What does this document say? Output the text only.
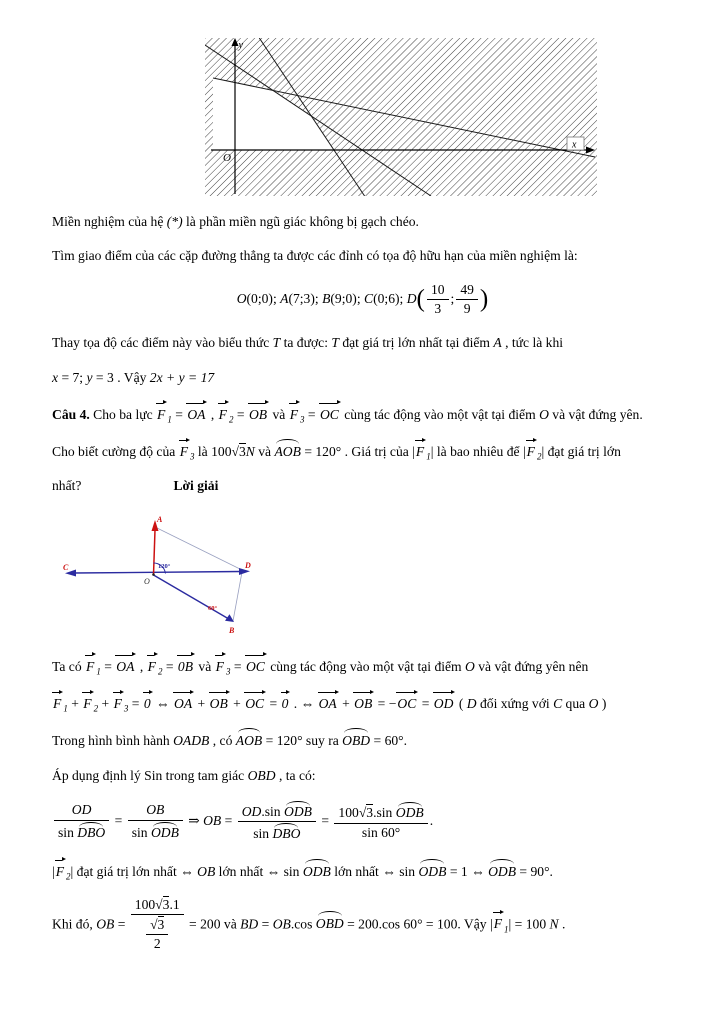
y
O
x

Miền nghiệm của hệ (*) là phần miền ngũ giác không bị gạch chéo.

Tìm giao điểm của các cặp đường thẳng ta được các đỉnh có tọa độ hữu hạn của miền nghiệm là:

O(0;0); A(7;3); B(9;0); C(0;6); $D( \frac{10}{3}$ ; $\frac{49}{9}$ )

Thay tọa độ các điểm này vào biểu thức T ta được: T đạt giá trị lớn nhất tại điểm A , tức là khi

x = 7; y = 3 . Vậy 2x + y = 17

Câu 4. Cho ba lực F $_1$ = OA , F $_2$ = OB và F $_3$ = OC cùng tác động vào một vật tại điểm O và vật đứng yên.

Cho biết cường độ của F $_3$ là 100√3N và AOB = 120° . Giá trị của |F $_1$| là bao nhiêu để |F $_2$| đạt giá trị lớn

nhất?	Lời giải

A
C	D
B
O
120°
60°

Ta có F $_1$ = OA , F $_2$ = 0B và F $_3$ = OC cùng tác động vào một vật tại điểm O và vật đứng yên nên

F $_1$ + F $_2$ + F $_3$ = 0 ⇔ OA + OB + OC = 0 . ⇔ OA + OB = −OC = OD ( D đối xứng với C qua O )

Trong hình bình hành OADB , có AOB = 120° suy ra OBD = 60°.

Áp dụng định lý Sin trong tam giác OBD , ta có:

$\frac{OD}{\text{sin DBO}} = \frac{OB}{\text{sin ODB}}$ ⇒ OB = $\frac{\text{OD.sin ODB}}{\text{sin DBO}} = \frac{\text{100√3.sin ODB}}{\sin 60^\circ}$ .

|F $_2$| đạt giá trị lớn nhất ⇔ OB lớn nhất ⇔ sin ODB lớn nhất ⇔ sin ODB = 1 ⇔ ODB = 90°.

Khi đó, OB = $\frac{100√3.1}{\frac{√3}{2}} = 200$ và BD = OB.cos OBD = 200.cos 60° = 100. Vậy |F $_1$| = 100 N .
